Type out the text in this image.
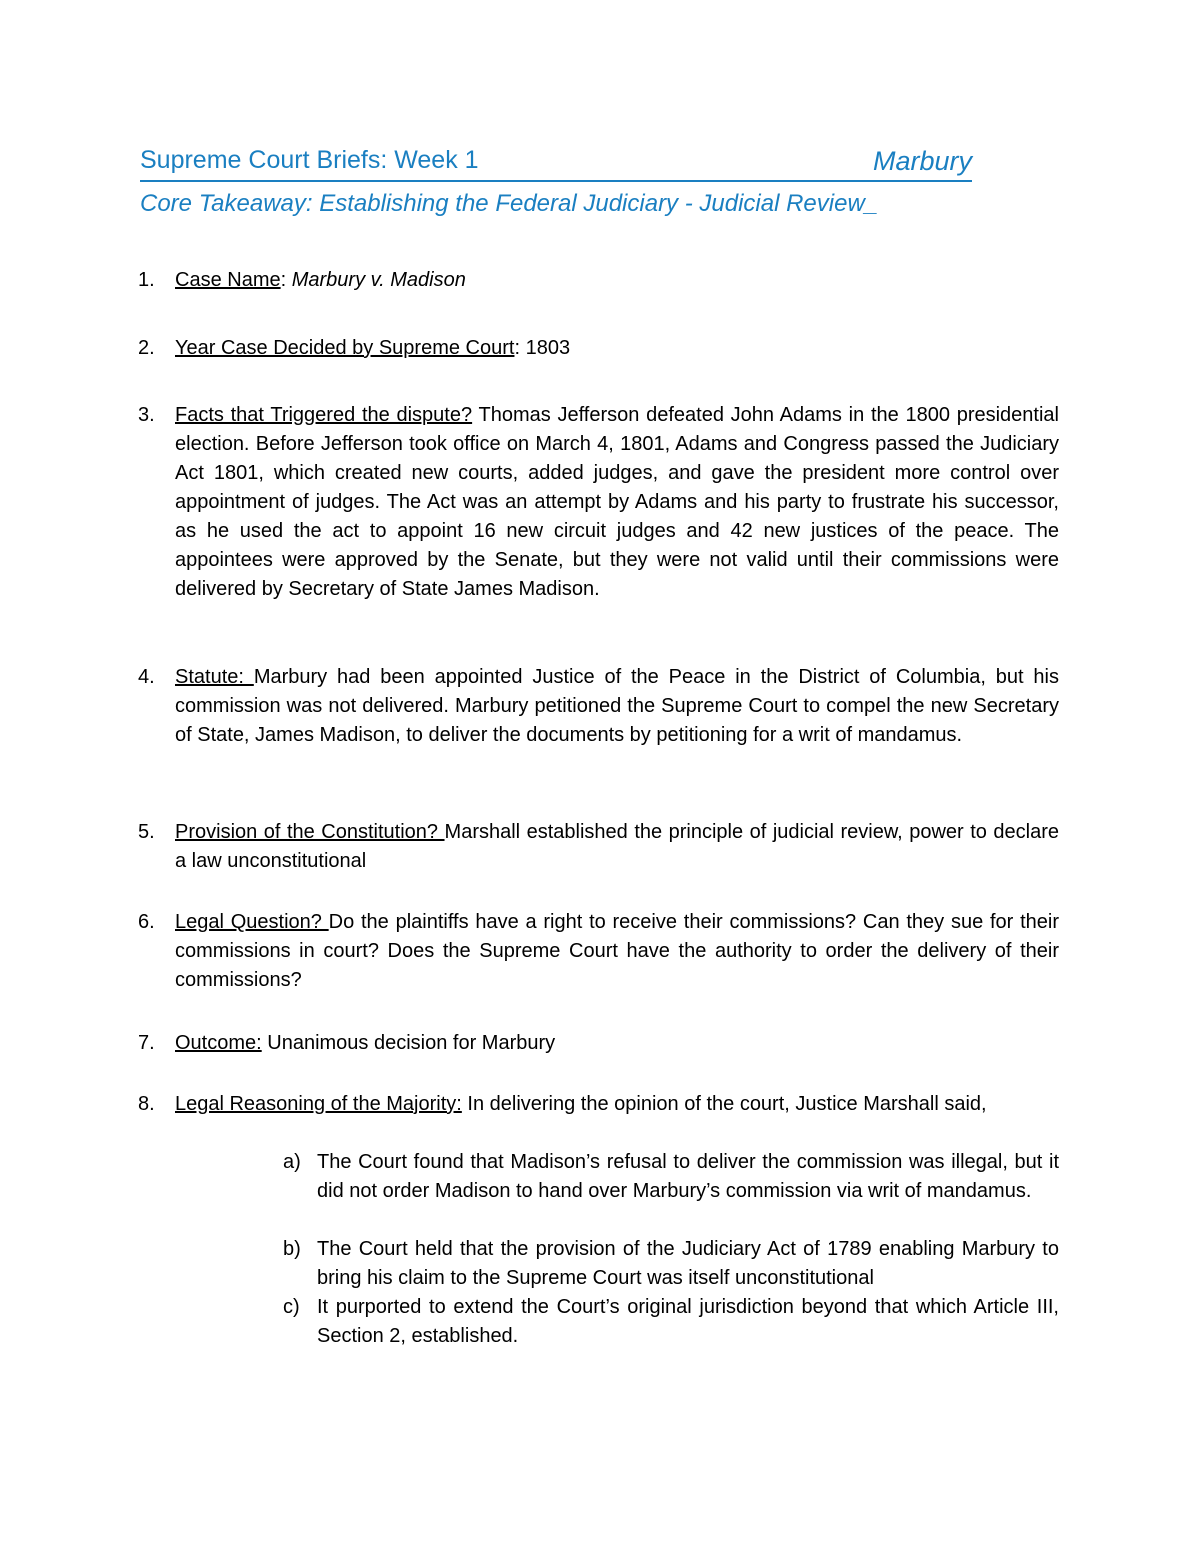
Supreme Court Briefs: Week 1	Marbury
Core Takeaway: Establishing the Federal Judiciary - Judicial Review_
1. Case Name: Marbury v. Madison
2. Year Case Decided by Supreme Court: 1803
3. Facts that Triggered the dispute? Thomas Jefferson defeated John Adams in the 1800 presidential election. Before Jefferson took office on March 4, 1801, Adams and Congress passed the Judiciary Act 1801, which created new courts, added judges, and gave the president more control over appointment of judges. The Act was an attempt by Adams and his party to frustrate his successor, as he used the act to appoint 16 new circuit judges and 42 new justices of the peace. The appointees were approved by the Senate, but they were not valid until their commissions were delivered by Secretary of State James Madison.
4. Statute: Marbury had been appointed Justice of the Peace in the District of Columbia, but his commission was not delivered. Marbury petitioned the Supreme Court to compel the new Secretary of State, James Madison, to deliver the documents by petitioning for a writ of mandamus.
5. Provision of the Constitution? Marshall established the principle of judicial review, power to declare a law unconstitutional
6. Legal Question? Do the plaintiffs have a right to receive their commissions? Can they sue for their commissions in court? Does the Supreme Court have the authority to order the delivery of their commissions?
7. Outcome: Unanimous decision for Marbury
8. Legal Reasoning of the Majority: In delivering the opinion of the court, Justice Marshall said,
a) The Court found that Madison’s refusal to deliver the commission was illegal, but it did not order Madison to hand over Marbury’s commission via writ of mandamus.
b) The Court held that the provision of the Judiciary Act of 1789 enabling Marbury to bring his claim to the Supreme Court was itself unconstitutional
c) It purported to extend the Court’s original jurisdiction beyond that which Article III, Section 2, established.
